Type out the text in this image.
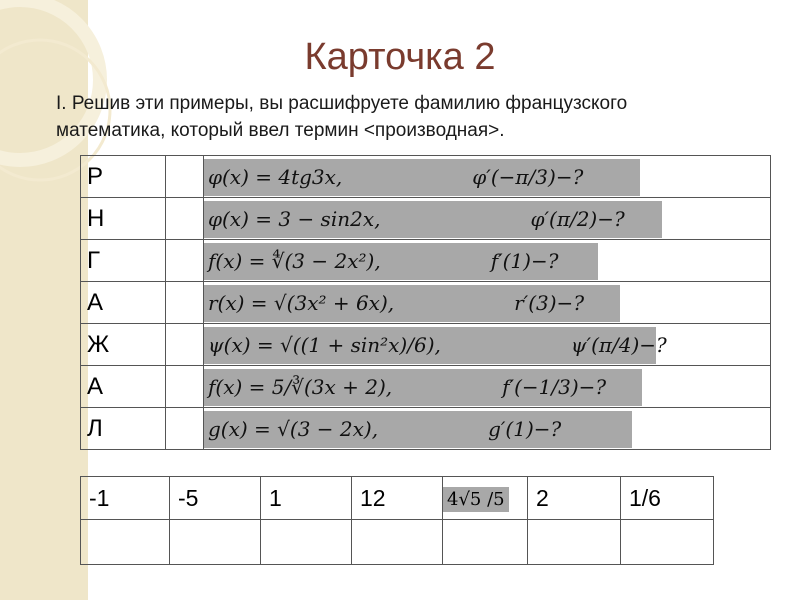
Карточка 2
I. Решив эти примеры, вы расшифруете фамилию французского
математика, который ввел термин <производная>.
Р		φ(x) = 4tg3x, φ′(−π/3)−?
Н		φ(x) = 3 − sin2x, φ′(π/2)−?
Г		f(x) = ∜(3 − 2x²), f′(1)−?
А		r(x) = √(3x² + 6x), r′(3)−?
Ж		ψ(x) = √((1 + sin²x)/6), ψ′(π/4)−?
А		f(x) = 5/∛(3x + 2), f′(−1/3)−?
Л		g(x) = √(3 − 2x), g′(1)−?
-1	-5	1	12	4√5 /5	2	1/6
